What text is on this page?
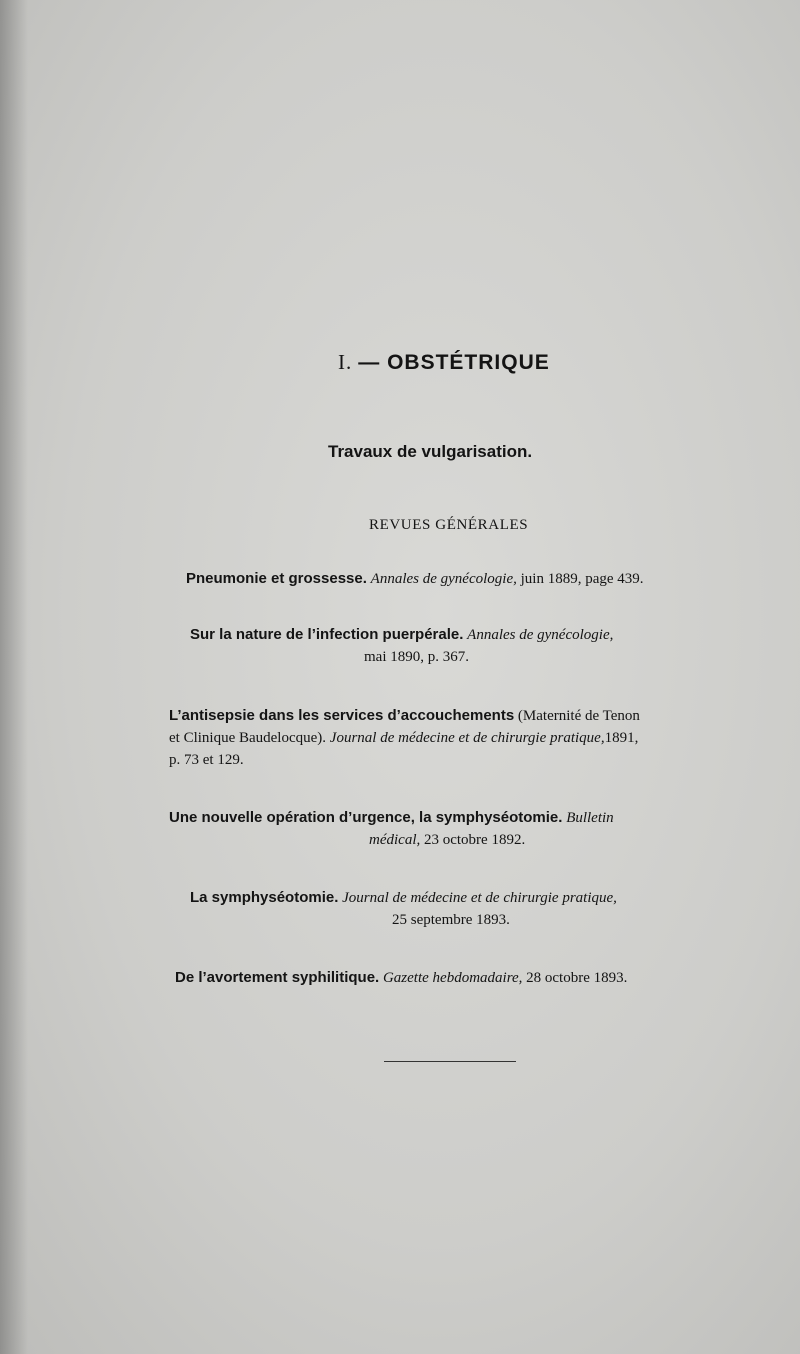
I. — OBSTÉTRIQUE
Travaux de vulgarisation.
REVUES GÉNÉRALES
Pneumonie et grossesse. Annales de gynécologie, juin 1889, page 439.
Sur la nature de l’infection puerpérale. Annales de gynécologie,
mai 1890, p. 367.
L’antisepsie dans les services d’accouchements (Maternité de Tenon
et Clinique Baudelocque). Journal de médecine et de chirurgie pratique,1891,
p. 73 et 129.
Une nouvelle opération d’urgence, la symphyséotomie. Bulletin
médical, 23 octobre 1892.
La symphyséotomie. Journal de médecine et de chirurgie pratique,
25 septembre 1893.
De l’avortement syphilitique. Gazette hebdomadaire, 28 octobre 1893.
